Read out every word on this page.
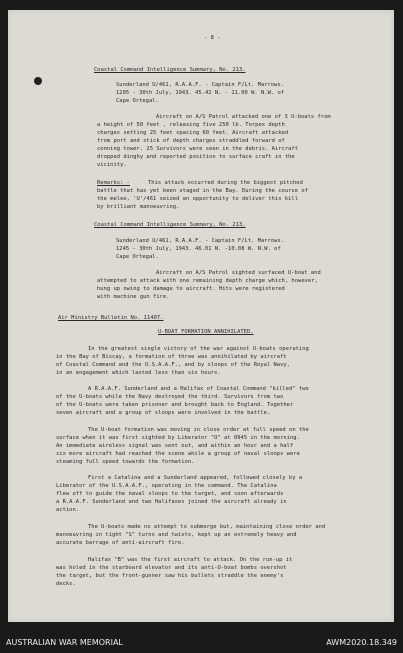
- 8 -
Coastal Command Intelligence Summary, No. 213.
Sunderland U/461, R.A.A.F. - Captain F/Lt. Marrows.
1205 - 30th July, 1943. 45.42 N. - 11.00 W. N.W. of
Cape Ortegal.
Aircraft on A/S Patrol attacked one of 3 U-boats from
a height of 50 feet , releasing five 250 lb. Torpex depth
charges setting 25 feet spacing 60 feet. Aircraft attacked
from port and stick of depth charges straddled forward of
conning tower. 25 Survivors were seen in the debris. Aircraft
dropped dinghy and reported position to surface craft in the
vicinity.
Remarks: -	This attack occurred during the biggest pitched
battle that has yet been staged in the Bay. During the course of
the melee, 'U'/461 seized an opportunity to deliver this kill
by brilliant manoeuvring.
Coastal Command Intelligence Summary, No. 213.
Sunderland U/461, R.A.A.F. - Captain F/Lt. Marrows.
1245 - 30th July, 1943. 46.01 N. -10.08 W. N.W. of
Cape Ortegal.
Aircraft on A/S Patrol sighted surfaced U-boat and
attempted to attack with one remaining depth charge which, however,
hung up owing to damage to aircraft. Hits were registered
with machine gun fire.
Air Ministry Bulletin No. 11407.
U-BOAT FORMATION ANNIHILATED.
In the greatest single victory of the war against U-boats operating
in the Bay of Biscay, a formation of three was annihilated by aircraft
of Coastal Command and the U.S.A.A.F., and by sloops of the Royal Navy,
in an engagement which lasted less than six hours.
A R.A.A.F. Sunderland and a Halifax of Coastal Command "killed" two
of the U-boats while the Navy destroyed the third. Survivors from two
of the U-boats were taken prisoner and brought back to England. Together
seven aircraft and a group of sloops were involved in the battle.
The U-boat formation was moving in close order at full speed on the
surface when it was first sighted by Liberator "O" at 0945 in the morning.
An immediate wireless signal was sent out, and within an hour and a half
six more aircraft had reached the scene while a group of naval sloops were
steaming full speed towards the formation.
First a Catalina and a Sunderland appeared, followed closely by a
Liberator of the U.S.A.A.F., operating in the command. The Catalina
flew off to guide the naval sloops to the target, and soon afterwards
a R.A.A.F. Sunderland and two Halifaxes joined the aircraft already in
action.
The U-boats made no attempt to submerge but, maintaining close order and
manoeuvring in tight "S" turns and twists, kept up an extremely heavy and
accurate barrage of anti-aircraft fire.
Halifax "B" was the first aircraft to attack. On the run-up it
was holed in the starboard elevator and its anti-U-boat bombs overshot
the target, but the front-gunner saw his bullets straddle the enemy's
decks.
AUSTRALIAN WAR MEMORIAL	AWM2020.18.349
